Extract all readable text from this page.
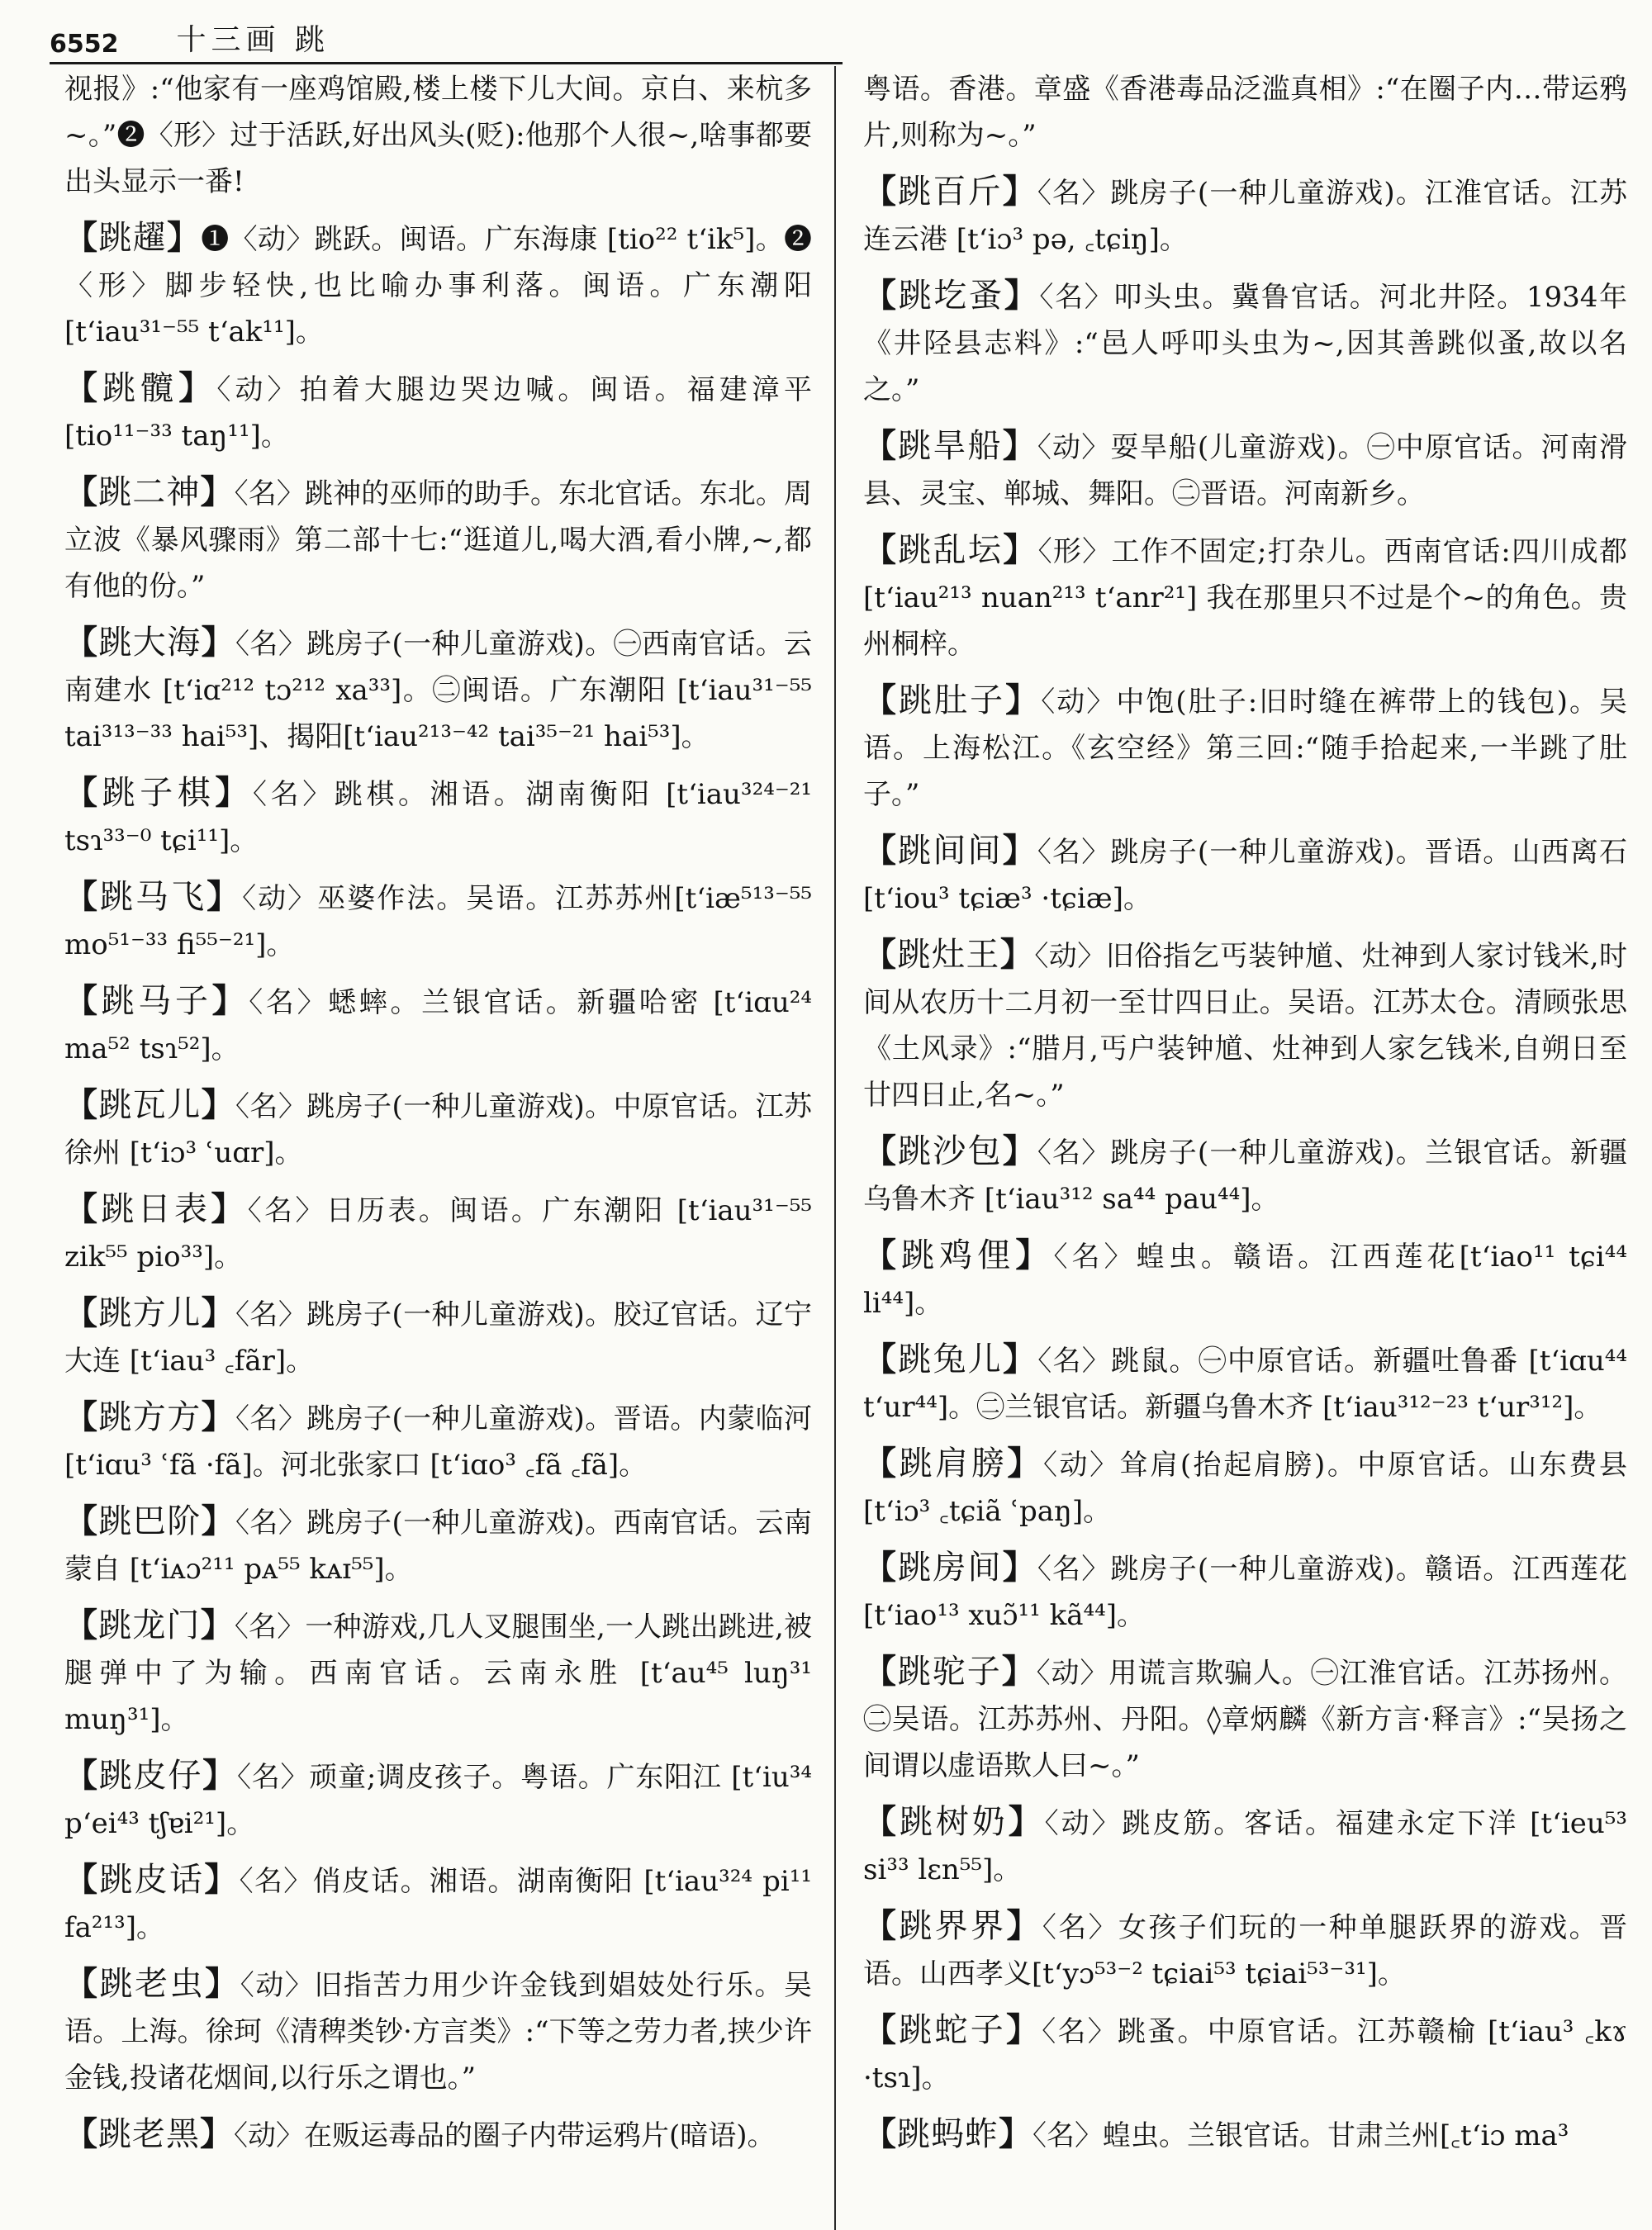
6552 十三画 跳

视报》:“他家有一座鸡馆殿,楼上楼下儿大间。京白、来杭多~。”❷〈形〉过于活跃,好出风头(贬):他那个人很~,啥事都要出头显示一番!

【跳趯】❶〈动〉跳跃。闽语。广东海康 [tio²² t‘ik⁵]。❷〈形〉脚步轻快,也比喻办事利落。闽语。广东潮阳 [t‘iau³¹⁻⁵⁵ t‘ak¹¹]。

【跳髖】〈动〉拍着大腿边哭边喊。闽语。福建漳平 [tio¹¹⁻³³ taŋ¹¹]。

【跳二神】〈名〉跳神的巫师的助手。东北官话。东北。周立波《暴风骤雨》第二部十七:“逛道儿,喝大酒,看小牌,~,都有他的份。”

【跳大海】〈名〉跳房子(一种儿童游戏)。㊀西南官话。云南建水 [t‘iɑ²¹² tɔ²¹² xa³³]。㊁闽语。广东潮阳 [t‘iau³¹⁻⁵⁵ tai³¹³⁻³³ hai⁵³]、揭阳[t‘iau²¹³⁻⁴² tai³⁵⁻²¹ hai⁵³]。

【跳子棋】〈名〉跳棋。湘语。湖南衡阳 [t‘iau³²⁴⁻²¹ tsɿ³³⁻⁰ tɕi¹¹]。

【跳马飞】〈动〉巫婆作法。吴语。江苏苏州[t‘iæ⁵¹³⁻⁵⁵ mo⁵¹⁻³³ fi⁵⁵⁻²¹]。

【跳马子】〈名〉蟋蟀。兰银官话。新疆哈密 [t‘iɑu²⁴ ma⁵² tsɿ⁵²]。

【跳瓦儿】〈名〉跳房子(一种儿童游戏)。中原官话。江苏徐州 [t‘iɔ³ ʿuɑr]。

【跳日表】〈名〉日历表。闽语。广东潮阳 [t‘iau³¹⁻⁵⁵ zik⁵⁵ pio³³]。

【跳方儿】〈名〉跳房子(一种儿童游戏)。胶辽官话。辽宁大连 [t‘iau³ ꜀fãr]。

【跳方方】〈名〉跳房子(一种儿童游戏)。晋语。内蒙临河[t‘iɑu³ ʿfã ·fã]。河北张家口 [t‘iɑo³ ꜀fã ꜀fã]。

【跳巴阶】〈名〉跳房子(一种儿童游戏)。西南官话。云南蒙自 [t‘iᴀɔ²¹¹ pᴀ⁵⁵ kᴀɪ⁵⁵]。

【跳龙门】〈名〉一种游戏,几人叉腿围坐,一人跳出跳进,被腿弹中了为输。西南官话。云南永胜 [t‘au⁴⁵ luŋ³¹ muŋ³¹]。

【跳皮仔】〈名〉顽童;调皮孩子。粤语。广东阳江 [t‘iu³⁴ p‘ei⁴³ tʃɐi²¹]。

【跳皮话】〈名〉俏皮话。湘语。湖南衡阳 [t‘iau³²⁴ pi¹¹ fa²¹³]。

【跳老虫】〈动〉旧指苦力用少许金钱到娼妓处行乐。吴语。上海。徐珂《清稗类钞·方言类》:“下等之劳力者,挟少许金钱,投诸花烟间,以行乐之谓也。”

【跳老黑】〈动〉在贩运毒品的圈子内带运鸦片(暗语)。

粤语。香港。章盛《香港毒品泛滥真相》:“在圈子内…带运鸦片,则称为~。”

【跳百斤】〈名〉跳房子(一种儿童游戏)。江淮官话。江苏连云港 [t‘iɔ³ pə, ꜀tɕiŋ]。

【跳圪蚤】〈名〉叩头虫。冀鲁官话。河北井陉。1934年《井陉县志料》:“邑人呼叩头虫为~,因其善跳似蚤,故以名之。”

【跳旱船】〈动〉耍旱船(儿童游戏)。㊀中原官话。河南滑县、灵宝、郸城、舞阳。㊁晋语。河南新乡。

【跳乱坛】〈形〉工作不固定;打杂儿。西南官话:四川成都 [t‘iau²¹³ nuan²¹³ t‘anr²¹] 我在那里只不过是个~的角色。贵州桐梓。

【跳肚子】〈动〉中饱(肚子:旧时缝在裤带上的钱包)。吴语。上海松江。《玄空经》第三回:“随手拾起来,一半跳了肚子。”

【跳间间】〈名〉跳房子(一种儿童游戏)。晋语。山西离石[t‘iou³ tɕiæ³ ·tɕiæ]。

【跳灶王】〈动〉旧俗指乞丐装钟馗、灶神到人家讨钱米,时间从农历十二月初一至廿四日止。吴语。江苏太仓。清顾张思《土风录》:“腊月,丐户装钟馗、灶神到人家乞钱米,自朔日至廿四日止,名~。”

【跳沙包】〈名〉跳房子(一种儿童游戏)。兰银官话。新疆乌鲁木齐 [t‘iau³¹² sa⁴⁴ pau⁴⁴]。

【跳鸡俚】〈名〉蝗虫。赣语。江西莲花[t‘iao¹¹ tɕi⁴⁴ li⁴⁴]。

【跳兔儿】〈名〉跳鼠。㊀中原官话。新疆吐鲁番 [t‘iɑu⁴⁴ t‘ur⁴⁴]。㊁兰银官话。新疆乌鲁木齐 [t‘iau³¹²⁻²³ t‘ur³¹²]。

【跳肩膀】〈动〉耸肩(抬起肩膀)。中原官话。山东费县 [t‘iɔ³ ꜀tɕiã ʿpaŋ]。

【跳房间】〈名〉跳房子(一种儿童游戏)。赣语。江西莲花 [t‘iao¹³ xuɔ̃¹¹ kã⁴⁴]。

【跳驼子】〈动〉用谎言欺骗人。㊀江淮官话。江苏扬州。㊁吴语。江苏苏州、丹阳。◊章炳麟《新方言·释言》:“吴扬之间谓以虚语欺人曰~。”

【跳树奶】〈动〉跳皮筋。客话。福建永定下洋 [t‘ieu⁵³ si³³ lɛn⁵⁵]。

【跳界界】〈名〉女孩子们玩的一种单腿跃界的游戏。晋语。山西孝义[t‘yɔ⁵³⁻² tɕiai⁵³ tɕiai⁵³⁻³¹]。

【跳蛇子】〈名〉跳蚤。中原官话。江苏赣榆 [t‘iau³ ꜀kɤ ·tsɿ]。

【跳蚂蚱】〈名〉蝗虫。兰银官话。甘肃兰州[꜀t‘iɔ ma³
